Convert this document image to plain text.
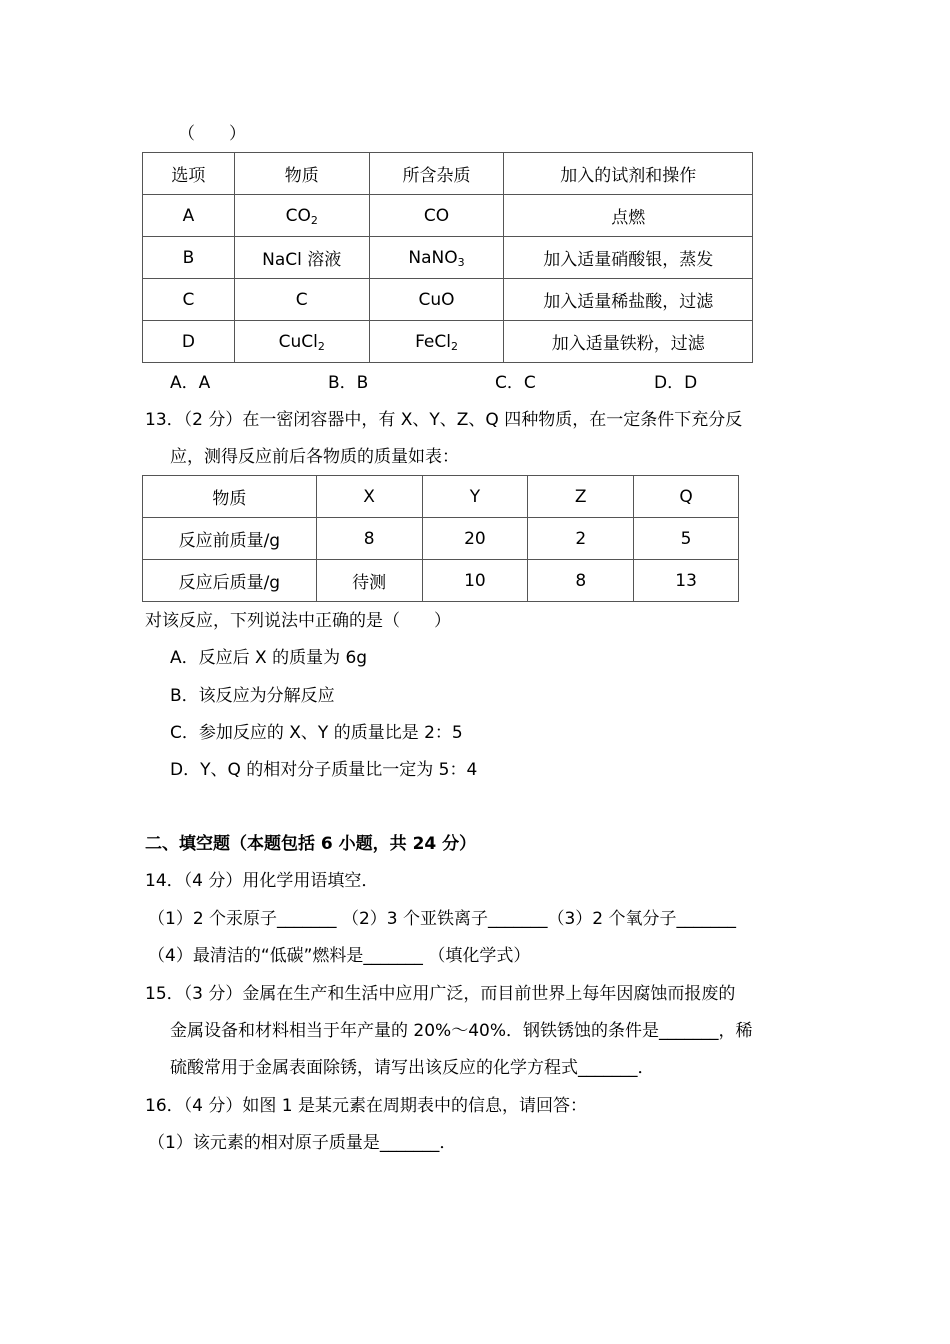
（　　）
选项	物质	所含杂质	加入的试剂和操作
A	$CO_2$	CO	点燃
B	NaCl 溶液	NaNO$_3$	加入适量硝酸银，蒸发
C	C	CuO	加入适量稀盐酸，过滤
D	CuCl$_2$	FeCl$_2$	加入适量铁粉，过滤
A．A	B．B	C．C	D．D
13．（2 分）在一密闭容器中，有 X、Y、Z、Q 四种物质，在一定条件下充分反
应，测得反应前后各物质的质量如表：
物质	X	Y	Z	Q
反应前质量/g	8	20	2	5
反应后质量/g	待测	10	8	13
对该反应，下列说法中正确的是（　　）
A．反应后 X 的质量为 6g
B．该反应为分解反应
C．参加反应的 X、Y 的质量比是 2：5
D．Y、Q 的相对分子质量比一定为 5：4
二、填空题（本题包括 6 小题，共 24 分）
14．（4 分）用化学用语填空．
（1）2 个汞原子_______ （2）3 个亚铁离子_______（3）2 个氧分子_______
（4）最清洁的“低碳”燃料是_______ （填化学式）
15．（3 分）金属在生产和生活中应用广泛，而目前世界上每年因腐蚀而报废的
金属设备和材料相当于年产量的 20%～40%．钢铁锈蚀的条件是_______，稀
硫酸常用于金属表面除锈，请写出该反应的化学方程式_______．
16．（4 分）如图 1 是某元素在周期表中的信息，请回答：
（1）该元素的相对原子质量是_______．
